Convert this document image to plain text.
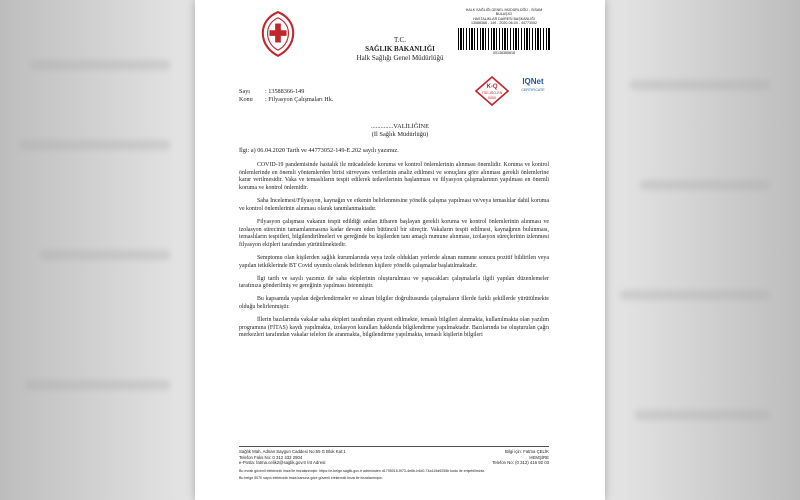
T.C.
SAĞLIK BAKANLIĞI
Halk Sağlığı Genel Müdürlüğü
HALK SAĞLIĞI GENEL MÜDÜRLÜĞÜ - SİSAM BULAŞICI
HASTALIKLAR DAİRESİ BAŞKANLIĞI
13588366 - 149 - 2020-06-04 - 44773052
00138365818
K-Q
TSE-ISO-EN
9000
IQNet
CERTIFICATE
Sayı : 13588366-149
Konu : Filyasyon Çalışmaları Hk.
..............VALİLİĞİNE
(İl Sağlık Müdürlüğü)
İlgi: a) 06.04.2020 Tarih ve 44773052-149-E.202 sayılı yazımız.

COVID-19 pandemisinde hastalık ile mücadelede koruma ve kontrol önlemlerinin alınması önemlidir. Koruma ve kontrol önlemlerinde en önemli yöntemlerden birisi sürveyans verilerinin analiz edilmesi ve sonuçlara göre alınması gerekli önlemlerine karar verilmesidir. Vaka ve temaslıların tespit edilerek tedavilerinin başlanması ve filyasyon çalışmalarının yapılması en önemli koruma ve kontrol önlemidir.

Saha İncelemesi/Filyasyon, kaynağın ve etkenin belirlenmesine yönelik çalışma yapılması ve/veya temaslılar dahil koruma ve kontrol önlemlerinin alınması olarak tanımlanmaktadır.

Filyasyon çalışması vakanın tespit edildiği andan itibaren başlayan gerekli koruma ve kontrol önlemlerinin alınması ve izolasyon sürecinin tamamlanmasına kadar devam eden bütüncül bir süreçtir. Vakaların tespit edilmesi, kaynağının bulunması, temaslıların tespitleri, bilgilendirilmeleri ve gereğinde bu kişilerden tanı amaçlı numune alınması, izolasyon süreçlerinin izlenmesi filyasyon ekipleri tarafından yürütülmektedir.

Semptomu olan kişilerden sağlık kurumlarında veya izole oldukları yerlerde alınan numune sonucu pozitif bildirilen veya yapılan tetkiklerinde BT Covid uyumlu olarak belirlenen kişilere yönelik çalışmalar başlatılmaktadır.

İlgi tarih ve sayılı yazımız ile saha ekiplerinin oluşturulması ve yapacakları çalışmalarla ilgili yapılan düzenlemeler tarafınıza gönderilmiş ve gereğinin yapılması istenmiştir.

Bu kapsamda yapılan değerlendirmeler ve alınan bilgiler doğrultusunda çalışmaların illerde farklı şekillerde yürütülmekte olduğu belirlenmiştir.

İllerin bazılarında vakalar saha ekipleri tarafından ziyaret edilmekte, temaslı bilgileri alınmakta, kullanılmakta olan yazılım programına (FİTAS) kaydı yapılmakta, izolasyon kuralları hakkında bilgilendirme yapılmaktadır. Bazılarında ise oluşturulan çağrı merkezleri tarafından vakalar telefon ile aranmakta, bilgilendirme yapılmakta, temaslı kişilerin bilgileri

Sağlık Mah. Adnan Saygun Caddesi No:55 G Blok Kat:1	Bilgi için: Fatma ÇELİK
Telefon Faks No: 0 312 432 2904	HEMŞİRE
e-Posta: fatma.celik2@saglik.gov.tr İnt Adresi:	Telefon No: (0 312) 416 92 03
Bu evrak güvenli elektronik imza ile imzalanmıştır. https://e-belge.saglik.gov.tr adresinden d1795015-f973-4e6b-b4d0-74a119a9255b kodu ile erişebilirsiniz.
Bu belge 5070 sayılı elektronik imza kanuna göre güvenli elektronik imza ile imzalanmıştır.
